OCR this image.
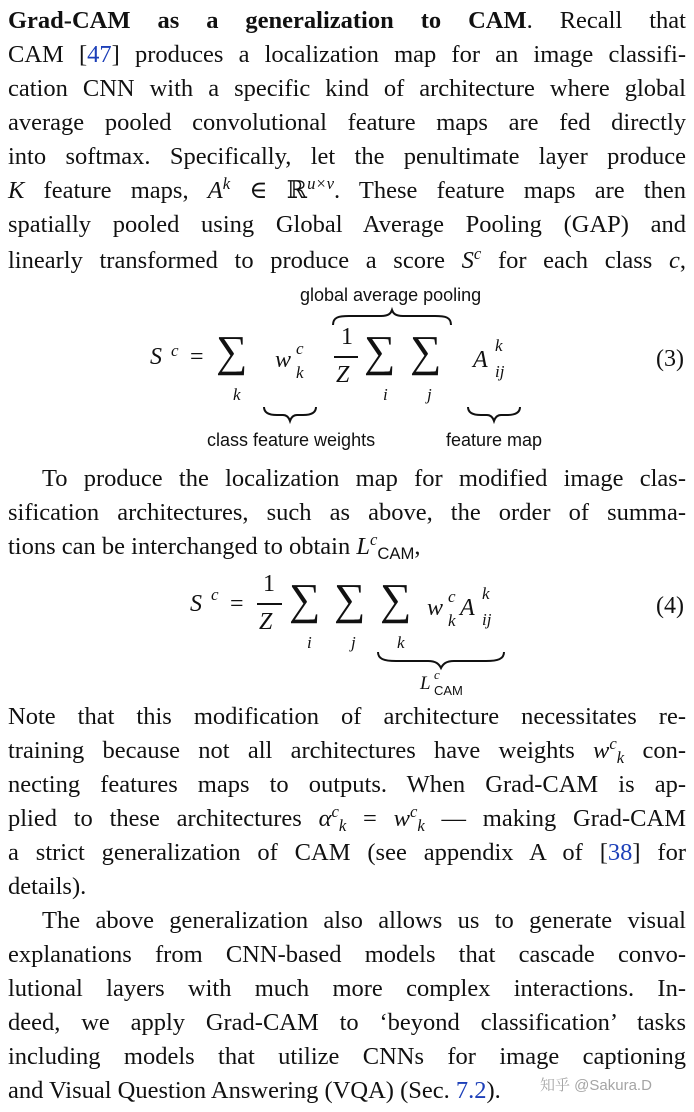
Grad-CAM as a generalization to CAM. Recall that
CAM [47] produces a localization map for an image classifi-
cation CNN with a specific kind of architecture where global
average pooled convolutional feature maps are fed directly
into softmax. Specifically, let the penultimate layer produce
K feature maps, $A^k$ ∈ ℝ$^{u\times v}$. These feature maps are then
spatially pooled using Global Average Pooling (GAP) and
linearly transformed to produce a score $S^c$ for each class c,
global average pooling
S c = ∑
k
w c
k
1
Z ∑
i
∑
j
A
k
ij
class feature weights	feature map
(3)
To produce the localization map for modified image clas-
sification architectures, such as above, the order of summa-
tions can be interchanged to obtain $L^c_{CAM}$,
S c =
1
Z ∑
i
∑
j
∑
k
w c
k A
k
ij
L c
CAM
(4)
Note that this modification of architecture necessitates re-
training because not all architectures have weights $w^c_k$ con-
necting features maps to outputs. When Grad-CAM is ap-
plied to these architectures $\alpha^c_k = w^c_k$ — making Grad-CAM
a strict generalization of CAM (see appendix A of [38] for
details).
The above generalization also allows us to generate visual
explanations from CNN-based models that cascade convo-
lutional layers with much more complex interactions. In-
deed, we apply Grad-CAM to ‘beyond classification’ tasks
including models that utilize CNNs for image captioning
and Visual Question Answering (VQA) (Sec. 7.2).	知乎 @Sakura.D
